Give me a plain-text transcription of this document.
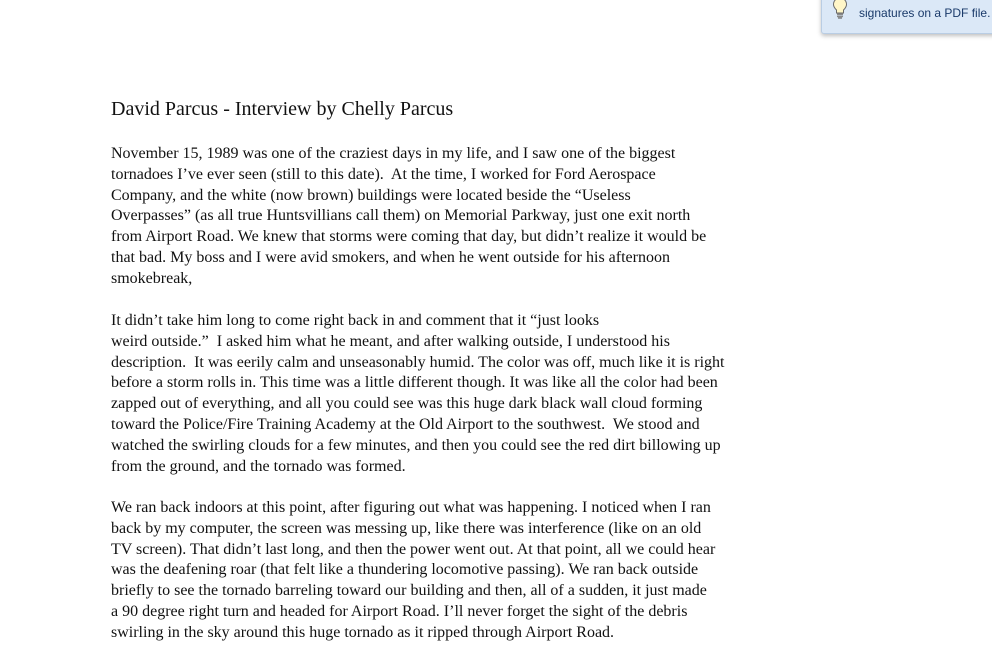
signatures on a PDF file.
David Parcus - Interview by Chelly Parcus

November 15, 1989 was one of the craziest days in my life, and I saw one of the biggest
tornadoes I’ve ever seen (still to this date).  At the time, I worked for Ford Aerospace
Company, and the white (now brown) buildings were located beside the “Useless
Overpasses” (as all true Huntsvillians call them) on Memorial Parkway, just one exit north
from Airport Road. We knew that storms were coming that day, but didn’t realize it would be
that bad. My boss and I were avid smokers, and when he went outside for his afternoon
smokebreak,

It didn’t take him long to come right back in and comment that it “just looks
weird outside.”  I asked him what he meant, and after walking outside, I understood his
description.  It was eerily calm and unseasonably humid. The color was off, much like it is right
before a storm rolls in. This time was a little different though. It was like all the color had been
zapped out of everything, and all you could see was this huge dark black wall cloud forming
toward the Police/Fire Training Academy at the Old Airport to the southwest.  We stood and
watched the swirling clouds for a few minutes, and then you could see the red dirt billowing up
from the ground, and the tornado was formed.

We ran back indoors at this point, after figuring out what was happening. I noticed when I ran
back by my computer, the screen was messing up, like there was interference (like on an old
TV screen). That didn’t last long, and then the power went out. At that point, all we could hear
was the deafening roar (that felt like a thundering locomotive passing). We ran back outside
briefly to see the tornado barreling toward our building and then, all of a sudden, it just made
a 90 degree right turn and headed for Airport Road. I’ll never forget the sight of the debris
swirling in the sky around this huge tornado as it ripped through Airport Road.
